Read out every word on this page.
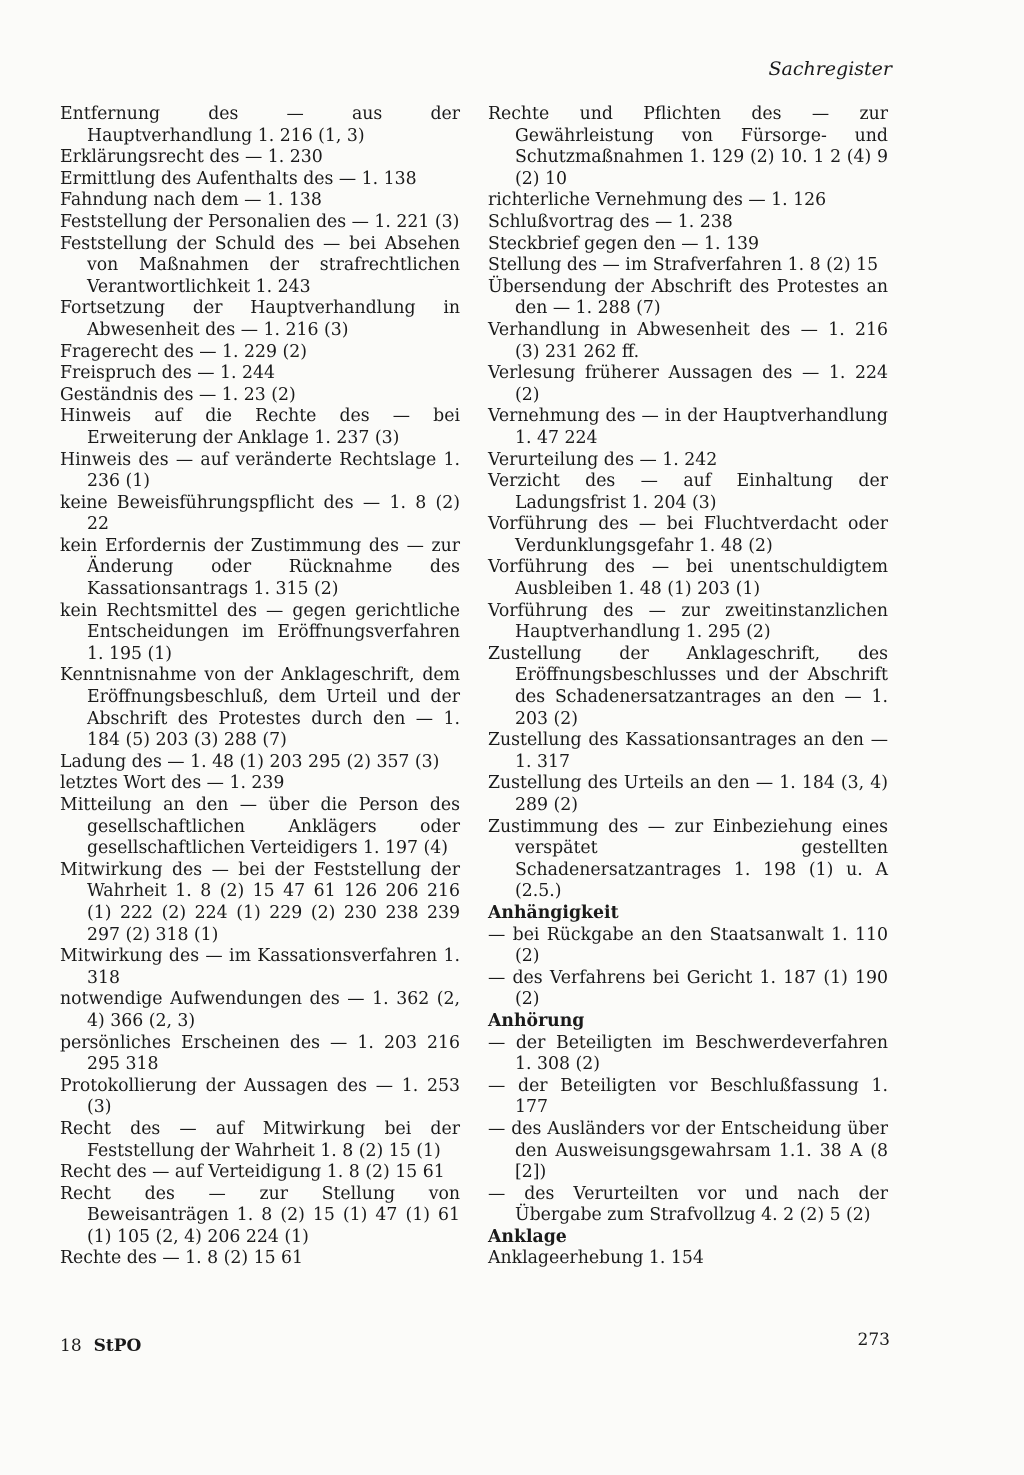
Sachregister
Entfernung des — aus der Hauptverhandlung 1. 216 (1, 3)
Erklärungsrecht des — 1. 230
Ermittlung des Aufenthalts des — 1. 138
Fahndung nach dem — 1. 138
Feststellung der Personalien des — 1. 221 (3)
Feststellung der Schuld des — bei Absehen von Maßnahmen der strafrechtlichen Verantwortlichkeit 1. 243
Fortsetzung der Hauptverhandlung in Abwesenheit des — 1. 216 (3)
Fragerecht des — 1. 229 (2)
Freispruch des — 1. 244
Geständnis des — 1. 23 (2)
Hinweis auf die Rechte des — bei Erweiterung der Anklage 1. 237 (3)
Hinweis des — auf veränderte Rechtslage 1. 236 (1)
keine Beweisführungspflicht des — 1. 8 (2) 22
kein Erfordernis der Zustimmung des — zur Änderung oder Rücknahme des Kassationsantrags 1. 315 (2)
kein Rechtsmittel des — gegen gerichtliche Entscheidungen im Eröffnungsverfahren 1. 195 (1)
Kenntnisnahme von der Anklageschrift, dem Eröffnungsbeschluß, dem Urteil und der Abschrift des Protestes durch den — 1. 184 (5) 203 (3) 288 (7)
Ladung des — 1. 48 (1) 203 295 (2) 357 (3)
letztes Wort des — 1. 239
Mitteilung an den — über die Person des gesellschaftlichen Anklägers oder gesellschaftlichen Verteidigers 1. 197 (4)
Mitwirkung des — bei der Feststellung der Wahrheit 1. 8 (2) 15 47 61 126 206 216 (1) 222 (2) 224 (1) 229 (2) 230 238 239 297 (2) 318 (1)
Mitwirkung des — im Kassationsverfahren 1. 318
notwendige Aufwendungen des — 1. 362 (2, 4) 366 (2, 3)
persönliches Erscheinen des — 1. 203 216 295 318
Protokollierung der Aussagen des — 1. 253 (3)
Recht des — auf Mitwirkung bei der Feststellung der Wahrheit 1. 8 (2) 15 (1)
Recht des — auf Verteidigung 1. 8 (2) 15 61
Recht des — zur Stellung von Beweisanträgen 1. 8 (2) 15 (1) 47 (1) 61 (1) 105 (2, 4) 206 224 (1)
Rechte des — 1. 8 (2) 15 61
Rechte und Pflichten des — zur Gewährleistung von Fürsorge- und Schutzmaßnahmen 1. 129 (2) 10. 1 2 (4) 9 (2) 10
richterliche Vernehmung des — 1. 126
Schlußvortrag des — 1. 238
Steckbrief gegen den — 1. 139
Stellung des — im Strafverfahren 1. 8 (2) 15
Übersendung der Abschrift des Protestes an den — 1. 288 (7)
Verhandlung in Abwesenheit des — 1. 216 (3) 231 262 ff.
Verlesung früherer Aussagen des — 1. 224 (2)
Vernehmung des — in der Hauptverhandlung 1. 47 224
Verurteilung des — 1. 242
Verzicht des — auf Einhaltung der Ladungsfrist 1. 204 (3)
Vorführung des — bei Fluchtverdacht oder Verdunklungsgefahr 1. 48 (2)
Vorführung des — bei unentschuldigtem Ausbleiben 1. 48 (1) 203 (1)
Vorführung des — zur zweitinstanzlichen Hauptverhandlung 1. 295 (2)
Zustellung der Anklageschrift, des Eröffnungsbeschlusses und der Abschrift des Schadenersatzantrages an den — 1. 203 (2)
Zustellung des Kassationsantrages an den — 1. 317
Zustellung des Urteils an den — 1. 184 (3, 4) 289 (2)
Zustimmung des — zur Einbeziehung eines verspätet gestellten Schadenersatzantrages 1. 198 (1) u. A (2.5.)
Anhängigkeit
— bei Rückgabe an den Staatsanwalt 1. 110 (2)
— des Verfahrens bei Gericht 1. 187 (1) 190 (2)
Anhörung
— der Beteiligten im Beschwerdeverfahren 1. 308 (2)
— der Beteiligten vor Beschlußfassung 1. 177
— des Ausländers vor der Entscheidung über den Ausweisungsgewahrsam 1.1. 38 A (8 [2])
— des Verurteilten vor und nach der Übergabe zum Strafvollzug 4. 2 (2) 5 (2)
Anklage
Anklageerhebung 1. 154
18 StPO	273
